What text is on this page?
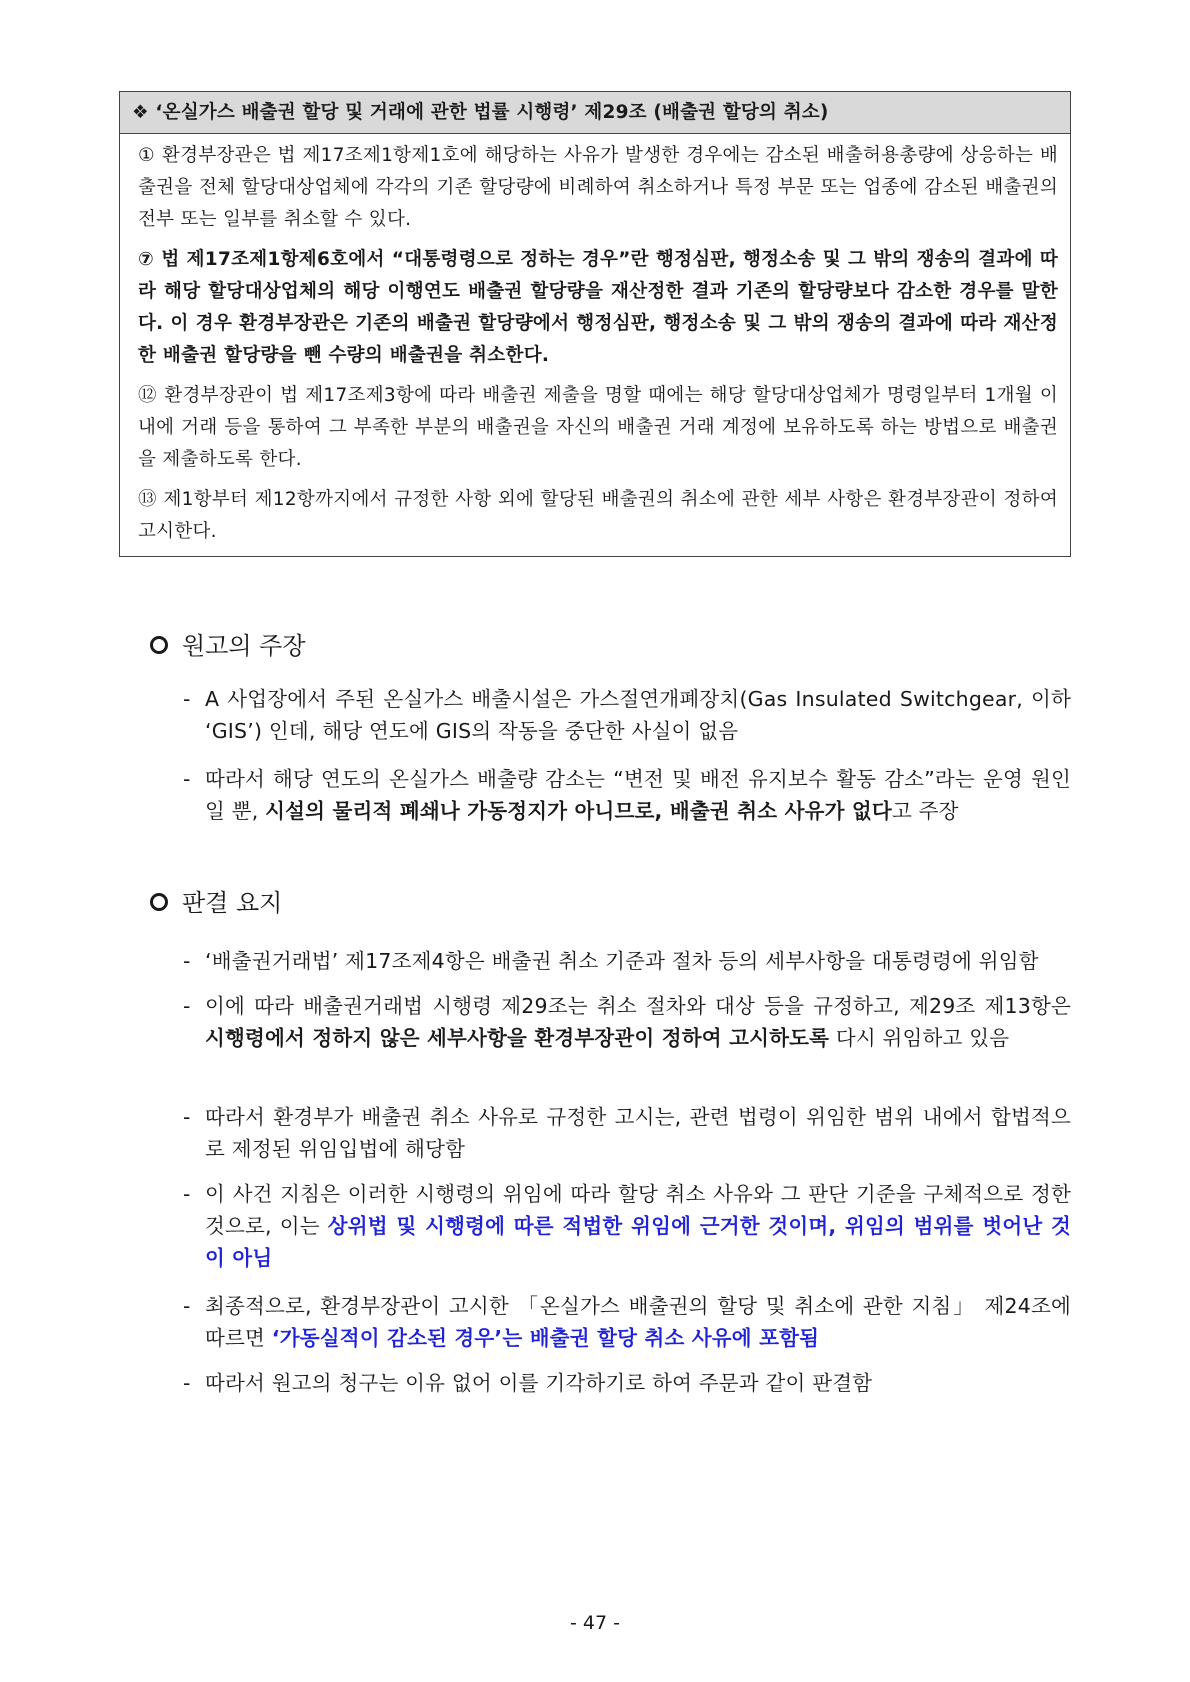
❖ ‘온실가스 배출권 할당 및 거래에 관한 법률 시행령’ 제29조 (배출권 할당의 취소)

① 환경부장관은 법 제17조제1항제1호에 해당하는 사유가 발생한 경우에는 감소된 배출허용총량에 상응하는 배출권을 전체 할당대상업체에 각각의 기존 할당량에 비례하여 취소하거나 특정 부문 또는 업종에 감소된 배출권의 전부 또는 일부를 취소할 수 있다.

⑦ 법 제17조제1항제6호에서 “대통령령으로 정하는 경우”란 행정심판, 행정소송 및 그 밖의 쟁송의 결과에 따라 해당 할당대상업체의 해당 이행연도 배출권 할당량을 재산정한 결과 기존의 할당량보다 감소한 경우를 말한다. 이 경우 환경부장관은 기존의 배출권 할당량에서 행정심판, 행정소송 및 그 밖의 쟁송의 결과에 따라 재산정한 배출권 할당량을 뺀 수량의 배출권을 취소한다.

⑫ 환경부장관이 법 제17조제3항에 따라 배출권 제출을 명할 때에는 해당 할당대상업체가 명령일부터 1개월 이내에 거래 등을 통하여 그 부족한 부분의 배출권을 자신의 배출권 거래 계정에 보유하도록 하는 방법으로 배출권을 제출하도록 한다.

⑬ 제1항부터 제12항까지에서 규정한 사항 외에 할당된 배출권의 취소에 관한 세부 사항은 환경부장관이 정하여 고시한다.

원고의 주장
- A 사업장에서 주된 온실가스 배출시설은 가스절연개폐장치(Gas Insulated Switchgear, 이하 ‘GIS’) 인데, 해당 연도에 GIS의 작동을 중단한 사실이 없음
- 따라서 해당 연도의 온실가스 배출량 감소는 “변전 및 배전 유지보수 활동 감소”라는 운영 원인일 뿐, 시설의 물리적 폐쇄나 가동정지가 아니므로, 배출권 취소 사유가 없다고 주장
판결 요지
- ‘배출권거래법’ 제17조제4항은 배출권 취소 기준과 절차 등의 세부사항을 대통령령에 위임함
- 이에 따라 배출권거래법 시행령 제29조는 취소 절차와 대상 등을 규정하고, 제29조 제13항은 시행령에서 정하지 않은 세부사항을 환경부장관이 정하여 고시하도록 다시 위임하고 있음
- 따라서 환경부가 배출권 취소 사유로 규정한 고시는, 관련 법령이 위임한 범위 내에서 합법적으로 제정된 위임입법에 해당함
- 이 사건 지침은 이러한 시행령의 위임에 따라 할당 취소 사유와 그 판단 기준을 구체적으로 정한 것으로, 이는 상위법 및 시행령에 따른 적법한 위임에 근거한 것이며, 위임의 범위를 벗어난 것이 아님
- 최종적으로, 환경부장관이 고시한 「온실가스 배출권의 할당 및 취소에 관한 지침」 제24조에 따르면 ‘가동실적이 감소된 경우’는 배출권 할당 취소 사유에 포함됨
- 따라서 원고의 청구는 이유 없어 이를 기각하기로 하여 주문과 같이 판결함
- 47 -
